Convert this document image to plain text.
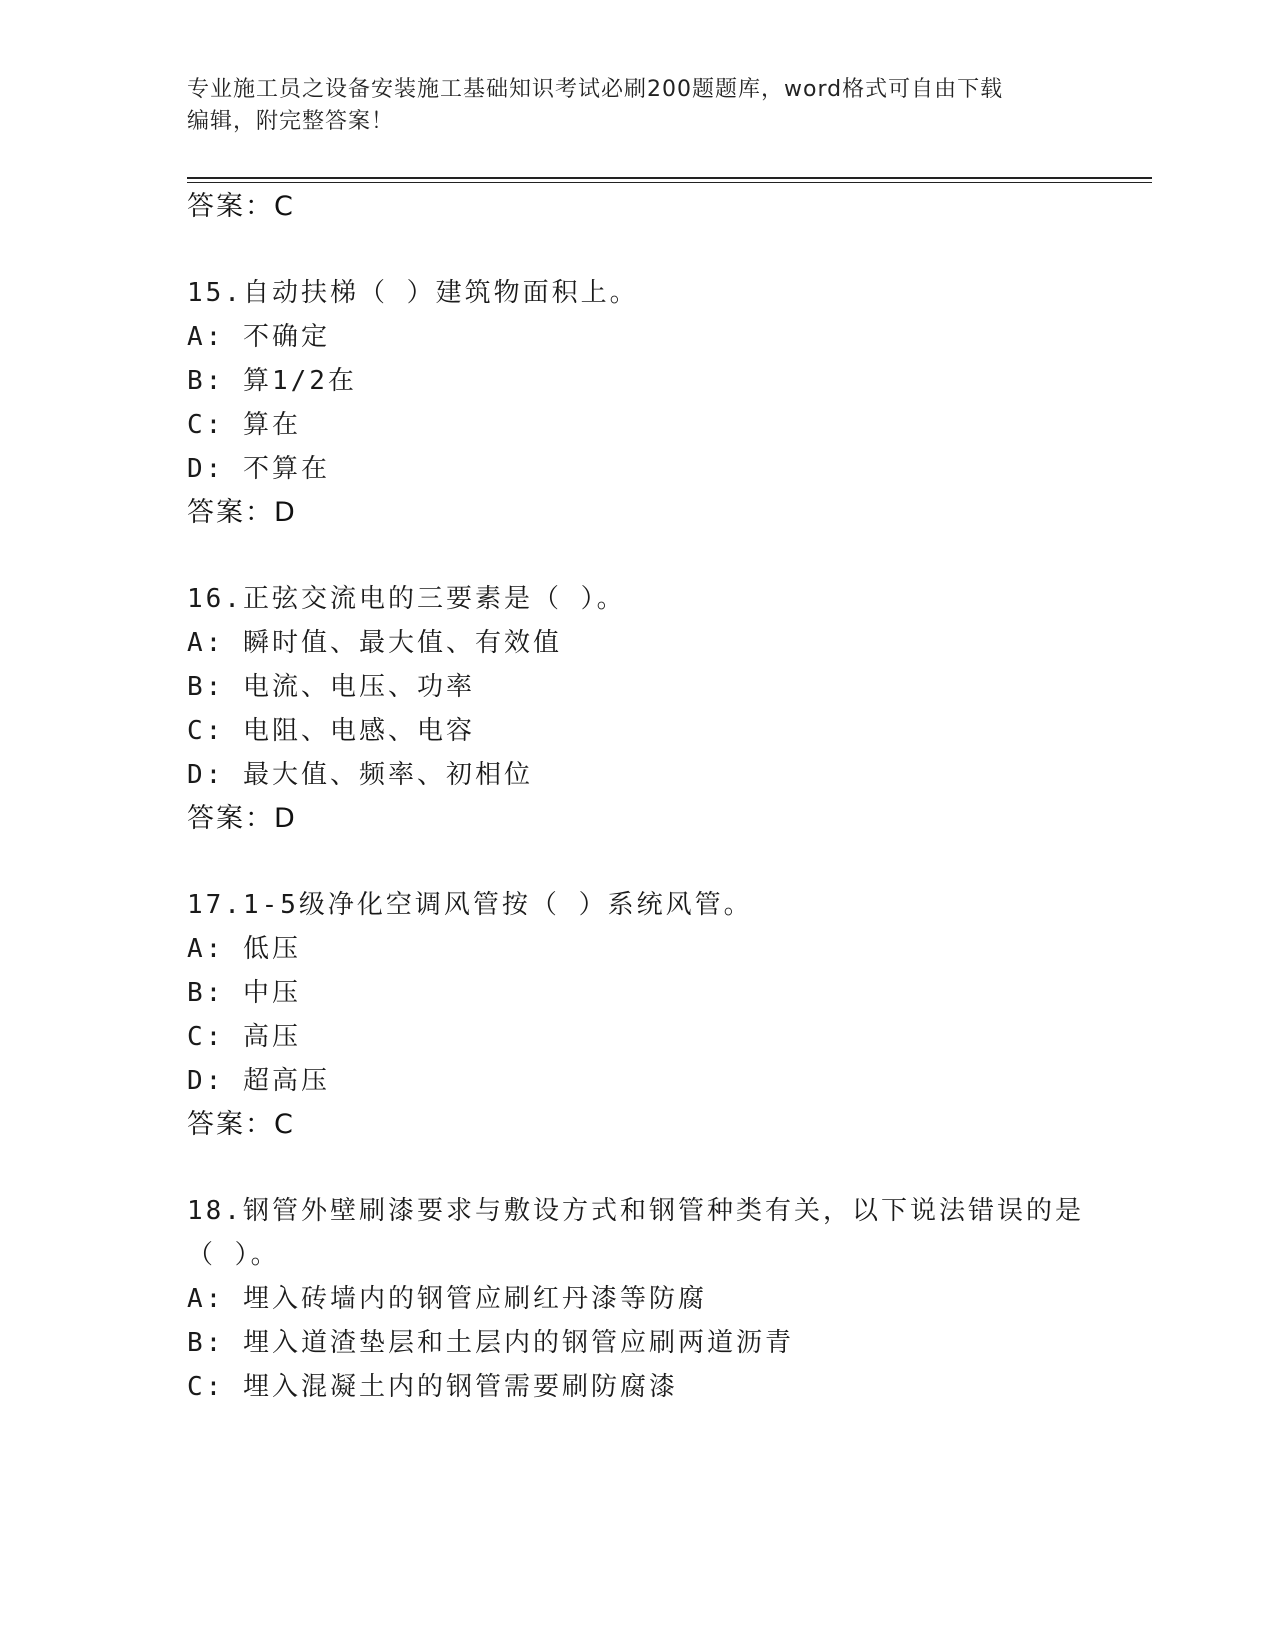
专业施工员之设备安装施工基础知识考试必刷200题题库，word格式可自由下载
编辑，附完整答案！
答案：C
15.自动扶梯（ ）建筑物面积上。
A: 不确定
B: 算1/2在
C: 算在
D: 不算在
答案：D
16.正弦交流电的三要素是（ ）。
A: 瞬时值、最大值、有效值
B: 电流、电压、功率
C: 电阻、电感、电容
D: 最大值、频率、初相位
答案：D
17.1-5级净化空调风管按（ ）系统风管。
A: 低压
B: 中压
C: 高压
D: 超高压
答案：C
18.钢管外壁刷漆要求与敷设方式和钢管种类有关，以下说法错误的是
（ ）。
A: 埋入砖墙内的钢管应刷红丹漆等防腐
B: 埋入道渣垫层和土层内的钢管应刷两道沥青
C: 埋入混凝土内的钢管需要刷防腐漆
